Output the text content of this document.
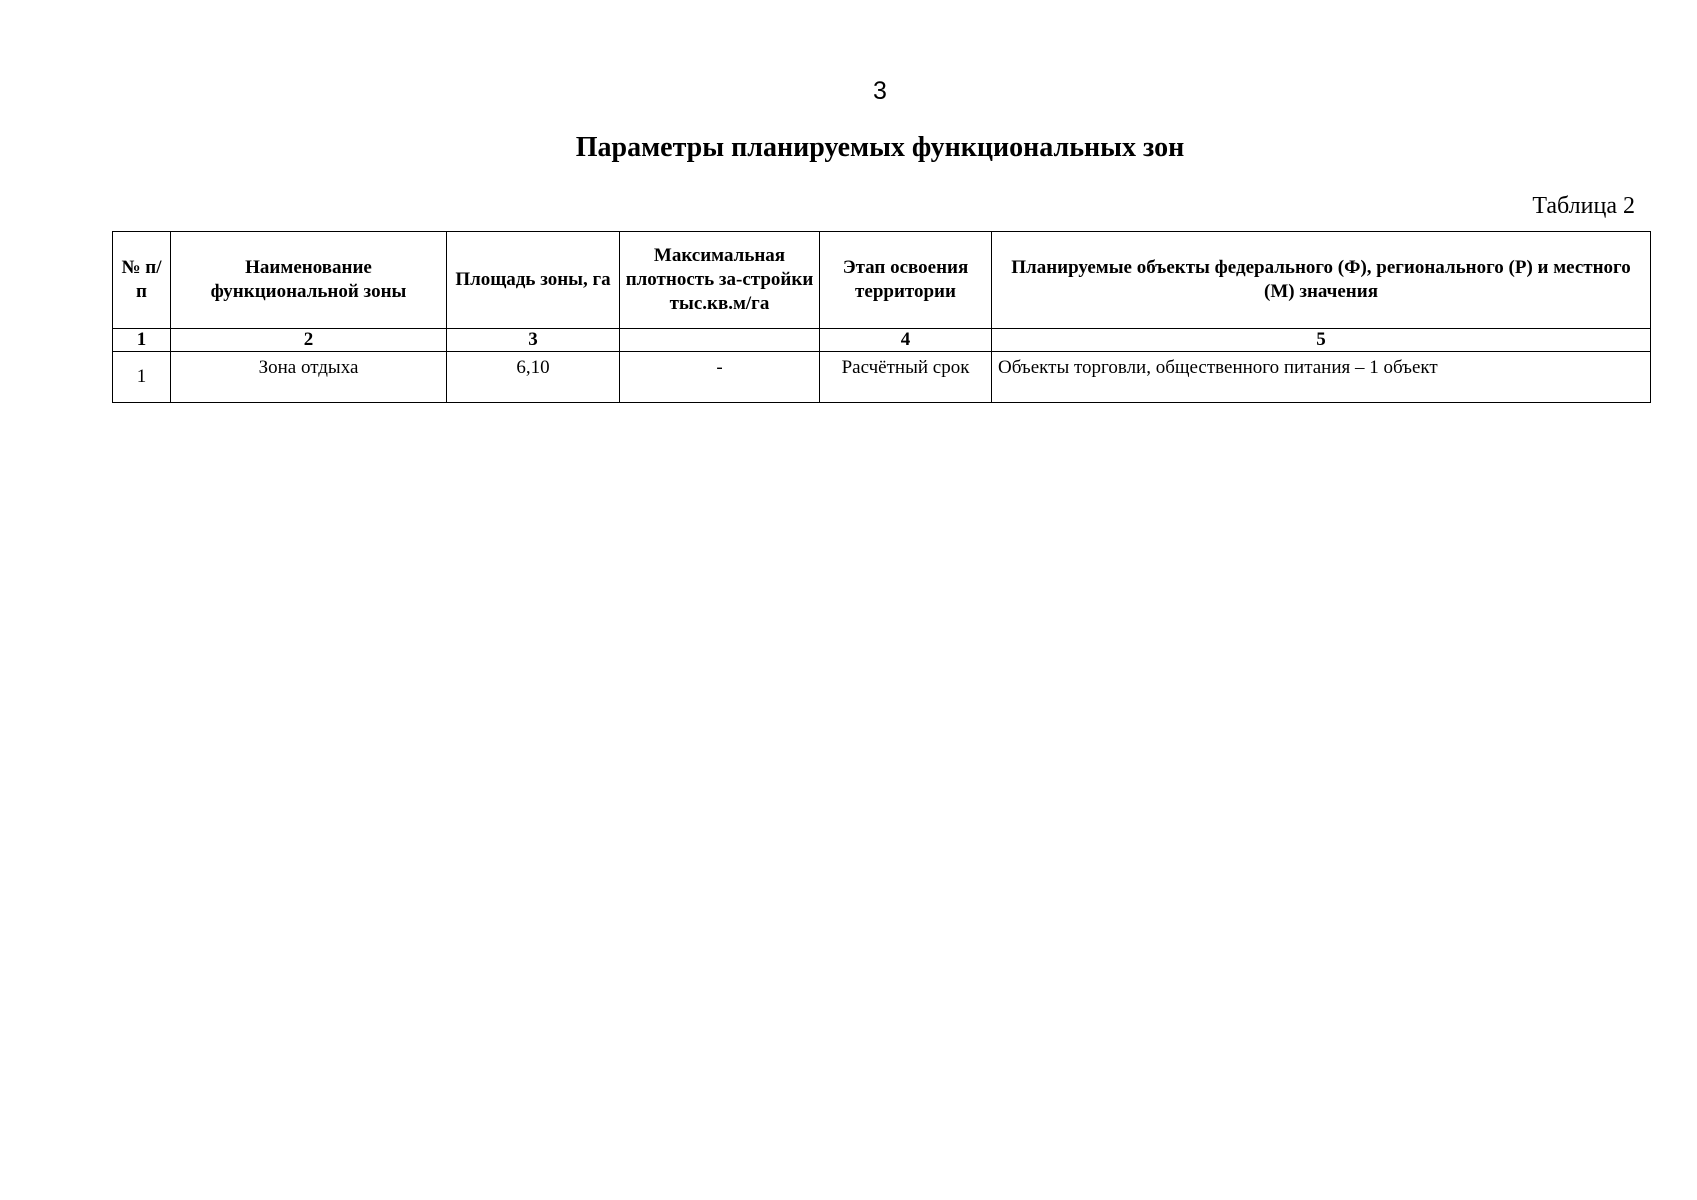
3
Параметры планируемых функциональных зон
Таблица 2
№ п/п	Наименование функциональной зоны	Площадь зоны, га	Максимальная плотность за-стройки тыс.кв.м/га	Этап освоения территории	Планируемые объекты федерального (Ф), регионального (Р) и местного (М) значения
1	2	3		4	5
1	Зона отдыха	6,10	-	Расчётный срок	Объекты торговли, общественного питания – 1 объект
